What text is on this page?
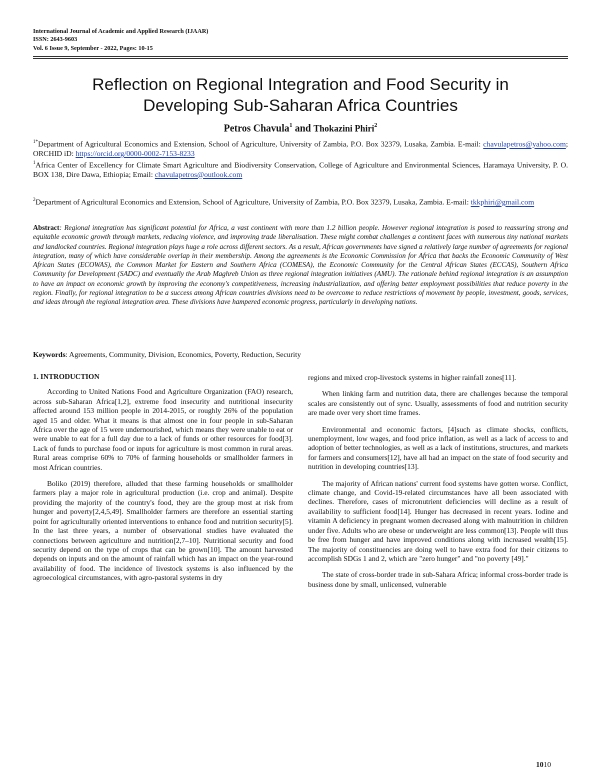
International Journal of Academic and Applied Research (IJAAR)
ISSN: 2643-9603
Vol. 6 Issue 9, September - 2022, Pages: 10-15
Reflection on Regional Integration and Food Security in
Developing Sub-Saharan Africa Countries
Petros Chavula$^1$ and Thokazini Phiri$^2$
$^{1*}$Department of Agricultural Economics and Extension, School of Agriculture, University of Zambia, P.O. Box 32379, Lusaka, Zambia. E-mail: chavulapetros@yahoo.com; ORCHID iD: https://orcid.org/0000-0002-7153-8233
$^1$Africa Center of Excellency for Climate Smart Agriculture and Biodiversity Conservation, College of Agriculture and Environmental Sciences, Haramaya University, P. O. BOX 138, Dire Dawa, Ethiopia; Email: chavulapetros@outlook.com
$^2$Department of Agricultural Economics and Extension, School of Agriculture, University of Zambia, P.O. Box 32379, Lusaka, Zambia. E-mail: tkkphiri@gmail.com
Abstract: Regional integration has significant potential for Africa, a vast continent with more than 1.2 billion people. However regional integration is posed to reassuring strong and equitable economic growth through markets, reducing violence, and improving trade liberalisation. These might combat challenges a continent faces with numerous tiny national markets and landlocked countries. Regional integration plays huge a role across different sectors. As a result, African governments have signed a relatively large number of agreements for regional integration, many of which have considerable overlap in their membership. Among the agreements is the Economic Commission for Africa that backs the Economic Community of West African States (ECOWAS), the Common Market for Eastern and Southern Africa (COMESA), the Economic Community for the Central African States (ECCAS), Southern Africa Community for Development (SADC) and eventually the Arab Maghreb Union as three regional integration initiatives (AMU). The rationale behind regional integration is an assumption to have an impact on economic growth by improving the economy's competitiveness, increasing industrialization, and offering better employment possibilities that reduce poverty in the region. Finally, for regional integration to be a success among African countries divisions need to be overcome to reduce restrictions of movement by people, investment, goods, services, and ideas through the regional integration area. These divisions have hampered economic progress, particularly in developing nations.
Keywords: Agreements, Community, Division, Economics, Poverty, Reduction, Security
1. INTRODUCTION

According to United Nations Food and Agriculture Organization (FAO) research, across sub-Saharan Africa[1,2], extreme food insecurity and nutritional insecurity affected around 153 million people in 2014-2015, or roughly 26% of the population aged 15 and older. What it means is that almost one in four people in sub-Saharan Africa over the age of 15 were undernourished, which means they were unable to eat or were unable to eat for a full day due to a lack of funds or other resources for food[3]. Lack of funds to purchase food or inputs for agriculture is most common in rural areas. Rural areas comprise 60% to 70% of farming households or smallholder farmers in most African countries.

Boliko (2019) therefore, alluded that these farming households or smallholder farmers play a major role in agricultural production (i.e. crop and animal). Despite providing the majority of the country's food, they are the group most at risk from hunger and poverty[2,4,5,49]. Smallholder farmers are therefore an essential starting point for agriculturally oriented interventions to enhance food and nutrition security[5]. In the last three years, a number of observational studies have evaluated the connections between agriculture and nutrition[2,7–10]. Nutritional security and food security depend on the type of crops that can be grown[10]. The amount harvested depends on inputs and on the amount of rainfall which has an impact on the year-round availability of food. The incidence of livestock systems is also influenced by the agroecological circumstances, with agro-pastoral systems in dry

regions and mixed crop-livestock systems in higher rainfall zones[11].

When linking farm and nutrition data, there are challenges because the temporal scales are consistently out of sync. Usually, assessments of food and nutrition security are made over very short time frames.

Environmental and economic factors, [4]such as climate shocks, conflicts, unemployment, low wages, and food price inflation, as well as a lack of access to and adoption of better technologies, as well as a lack of institutions, structures, and markets for farmers and consumers[12], have all had an impact on the state of food security and nutrition in developing countries[13].

The majority of African nations' current food systems have gotten worse. Conflict, climate change, and Covid-19-related circumstances have all been associated with declines. Therefore, cases of micronutrient deficiencies will decline as a result of availability to sufficient food[14]. Hunger has decreased in recent years. Iodine and vitamin A deficiency in pregnant women decreased along with malnutrition in children under five. Adults who are obese or underweight are less common[13]. People will thus be free from hunger and have improved conditions along with increased wealth[15]. The majority of constituencies are doing well to have extra food for their citizens to accomplish SDGs 1 and 2, which are "zero hunger" and "no poverty [49]."

The state of cross-border trade in sub-Sahara Africa; informal cross-border trade is business done by small, unlicensed, vulnerable

1010
